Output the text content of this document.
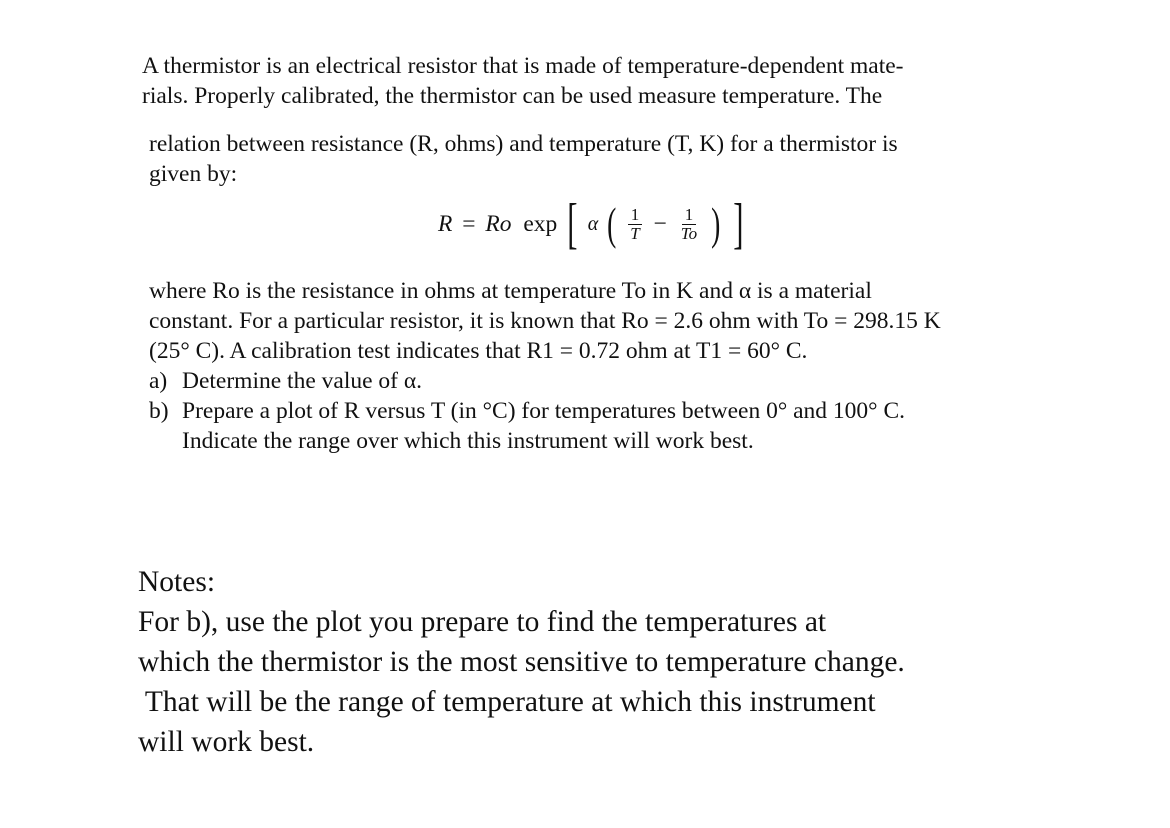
A thermistor is an electrical resistor that is made of temperature-dependent mate-
rials. Properly calibrated, the thermistor can be used measure temperature. The
relation between resistance (R, ohms) and temperature (T, K) for a thermistor is
given by:
R = Ro exp [ α ( $\frac{1}{T} - \frac{1}{To}$ ) ]
where Ro is the resistance in ohms at temperature To in K and α is a material
constant. For a particular resistor, it is known that Ro = 2.6 ohm with To = 298.15 K
(25° C). A calibration test indicates that R1 = 0.72 ohm at T1 = 60° C.
a) Determine the value of α.
b) Prepare a plot of R versus T (in °C) for temperatures between 0° and 100° C.
Indicate the range over which this instrument will work best.
Notes:
For b), use the plot you prepare to find the temperatures at
which the thermistor is the most sensitive to temperature change.
That will be the range of temperature at which this instrument
will work best.
